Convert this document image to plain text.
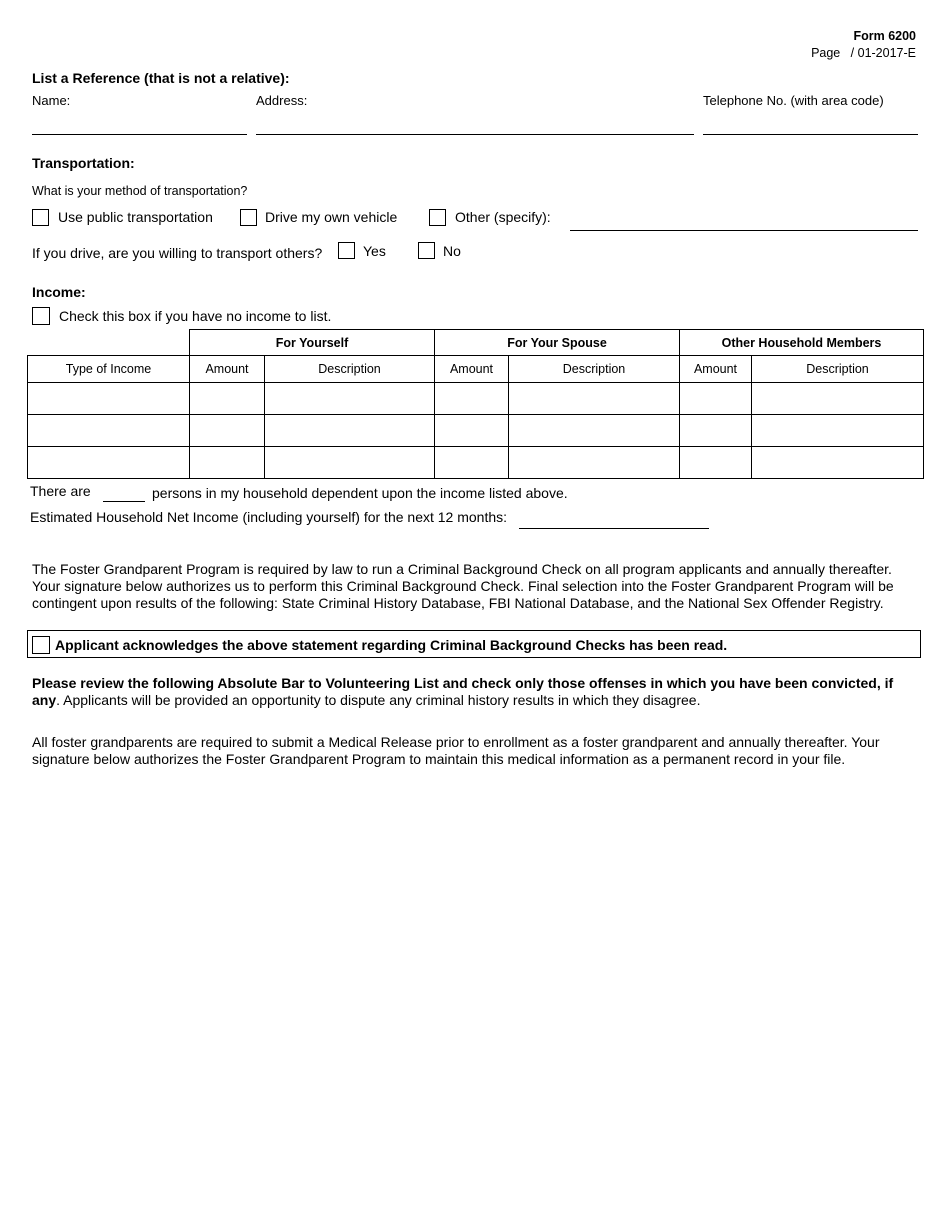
Form 6200
Page   / 01-2017-E
List a Reference (that is not a relative):
Name:	Address:	Telephone No. (with area code)
Transportation:
What is your method of transportation?
Use public transportation	Drive my own vehicle	Other (specify):
If you drive, are you willing to transport others?	Yes	No
Income:
Check this box if you have no income to list.
	For Yourself		For Your Spouse		Other Household Members	
Type of Income	Amount	Description	Amount	Description	Amount	Description

There are	persons in my household dependent upon the income listed above.
Estimated Household Net Income (including yourself) for the next 12 months:
The Foster Grandparent Program is required by law to run a Criminal Background Check on all program applicants and annually thereafter. Your signature below authorizes us to perform this Criminal Background Check. Final selection into the Foster Grandparent Program will be contingent upon results of the following: State Criminal History Database, FBI National Database, and the National Sex Offender Registry.
Applicant acknowledges the above statement regarding Criminal Background Checks has been read.
Please review the following Absolute Bar to Volunteering List and check only those offenses in which you have been convicted, if any. Applicants will be provided an opportunity to dispute any criminal history results in which they disagree.
All foster grandparents are required to submit a Medical Release prior to enrollment as a foster grandparent and annually thereafter. Your signature below authorizes the Foster Grandparent Program to maintain this medical information as a permanent record in your file.
